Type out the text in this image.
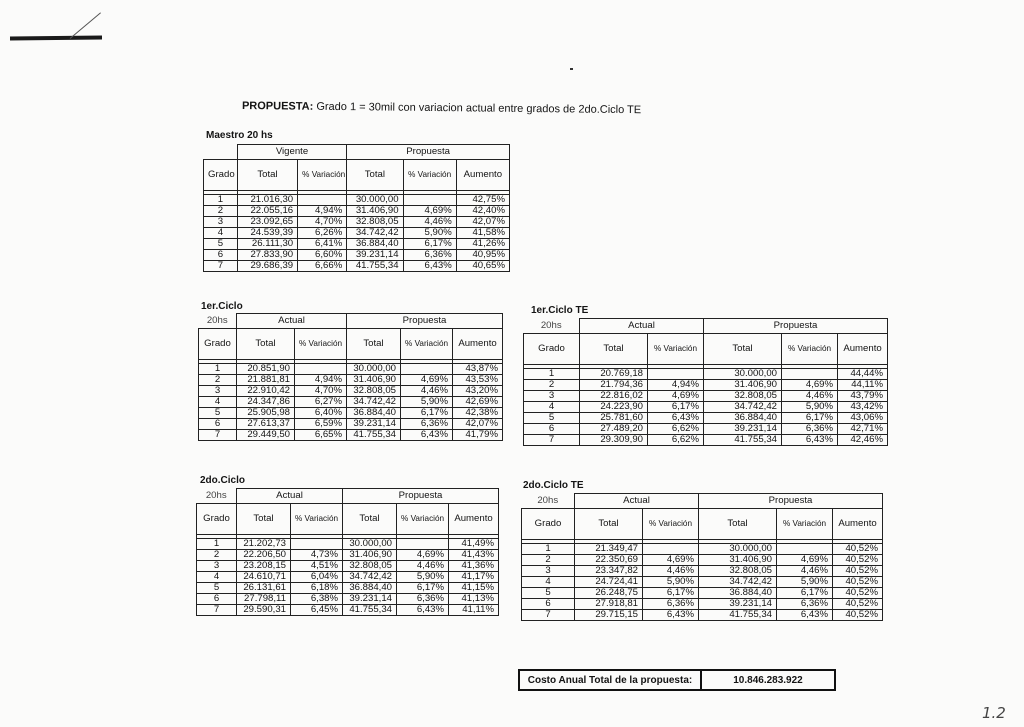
PROPUESTA: Grado 1 = 30mil con variacion actual entre grados de 2do.Ciclo TE
Maestro 20 hs
	Vigente		Propuesta		
Grado	Total	% Variación	Total	% Variación	Aumento

1	21.016,30		30.000,00		42,75%
2	22.055,16	4,94%	31.406,90	4,69%	42,40%
3	23.092,65	4,70%	32.808,05	4,46%	42,07%
4	24.539,39	6,26%	34.742,42	5,90%	41,58%
5	26.111,30	6,41%	36.884,40	6,17%	41,26%
6	27.833,90	6,60%	39.231,14	6,36%	40,95%
7	29.686,39	6,66%	41.755,34	6,43%	40,65%
1er.Ciclo
20hs	Actual		Propuesta		
Grado	Total	% Variación	Total	% Variación	Aumento

1	20.851,90		30.000,00		43,87%
2	21.881,81	4,94%	31.406,90	4,69%	43,53%
3	22.910,42	4,70%	32.808,05	4,46%	43,20%
4	24.347,86	6,27%	34.742,42	5,90%	42,69%
5	25.905,98	6,40%	36.884,40	6,17%	42,38%
6	27.613,37	6,59%	39.231,14	6,36%	42,07%
7	29.449,50	6,65%	41.755,34	6,43%	41,79%
1er.Ciclo TE
20hs	Actual		Propuesta		
Grado	Total	% Variación	Total	% Variación	Aumento

1	20.769,18		30.000,00		44,44%
2	21.794,36	4,94%	31.406,90	4,69%	44,11%
3	22.816,02	4,69%	32.808,05	4,46%	43,79%
4	24.223,90	6,17%	34.742,42	5,90%	43,42%
5	25.781,60	6,43%	36.884,40	6,17%	43,06%
6	27.489,20	6,62%	39.231,14	6,36%	42,71%
7	29.309,90	6,62%	41.755,34	6,43%	42,46%
2do.Ciclo
20hs	Actual		Propuesta		
Grado	Total	% Variación	Total	% Variación	Aumento

1	21.202,73		30.000,00		41,49%
2	22.206,50	4,73%	31.406,90	4,69%	41,43%
3	23.208,15	4,51%	32.808,05	4,46%	41,36%
4	24.610,71	6,04%	34.742,42	5,90%	41,17%
5	26.131,61	6,18%	36.884,40	6,17%	41,15%
6	27.798,11	6,38%	39.231,14	6,36%	41,13%
7	29.590,31	6,45%	41.755,34	6,43%	41,11%
2do.Ciclo TE
20hs	Actual		Propuesta		
Grado	Total	% Variación	Total	% Variación	Aumento

1	21.349,47		30.000,00		40,52%
2	22.350,69	4,69%	31.406,90	4,69%	40,52%
3	23.347,82	4,46%	32.808,05	4,46%	40,52%
4	24.724,41	5,90%	34.742,42	5,90%	40,52%
5	26.248,75	6,17%	36.884,40	6,17%	40,52%
6	27.918,81	6,36%	39.231,14	6,36%	40,52%
7	29.715,15	6,43%	41.755,34	6,43%	40,52%
Costo Anual Total de la propuesta:	10.846.283.922
1.2
